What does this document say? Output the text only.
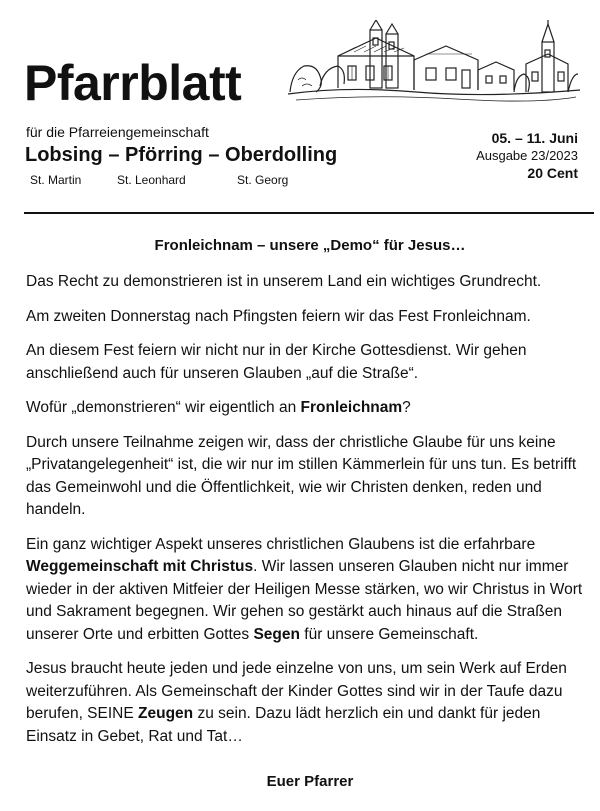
Pfarrblatt
für die Pfarreiengemeinschaft
Lobsing – Pförring – Oberdolling
St. Martin	St. Leonhard	St. Georg
05. – 11. Juni
Ausgabe 23/2023
20 Cent
Fronleichnam – unsere „Demo“ für Jesus…

Das Recht zu demonstrieren ist in unserem Land ein wichtiges Grundrecht.

Am zweiten Donnerstag nach Pfingsten feiern wir das Fest Fronleichnam.

An diesem Fest feiern wir nicht nur in der Kirche Gottesdienst. Wir gehen anschließend auch für unseren Glauben „auf die Straße“.

Wofür „demonstrieren“ wir eigentlich an Fronleichnam?

Durch unsere Teilnahme zeigen wir, dass der christliche Glaube für uns keine „Privatangelegenheit“ ist, die wir nur im stillen Kämmerlein für uns tun. Es betrifft das Gemeinwohl und die Öffentlichkeit, wie wir Christen denken, reden und handeln.

Ein ganz wichtiger Aspekt unseres christlichen Glaubens ist die erfahrbare Weggemeinschaft mit Christus. Wir lassen unseren Glauben nicht nur immer wieder in der aktiven Mitfeier der Heiligen Messe stärken, wo wir Christus in Wort und Sakrament begegnen. Wir gehen so gestärkt auch hinaus auf die Straßen unserer Orte und erbitten Gottes Segen für unsere Gemeinschaft.

Jesus braucht heute jeden und jede einzelne von uns, um sein Werk auf Erden weiterzuführen. Als Gemeinschaft der Kinder Gottes sind wir in der Taufe dazu berufen, SEINE Zeugen zu sein. Dazu lädt herzlich ein und dankt für jeden Einsatz in Gebet, Rat und Tat…

Euer Pfarrer
